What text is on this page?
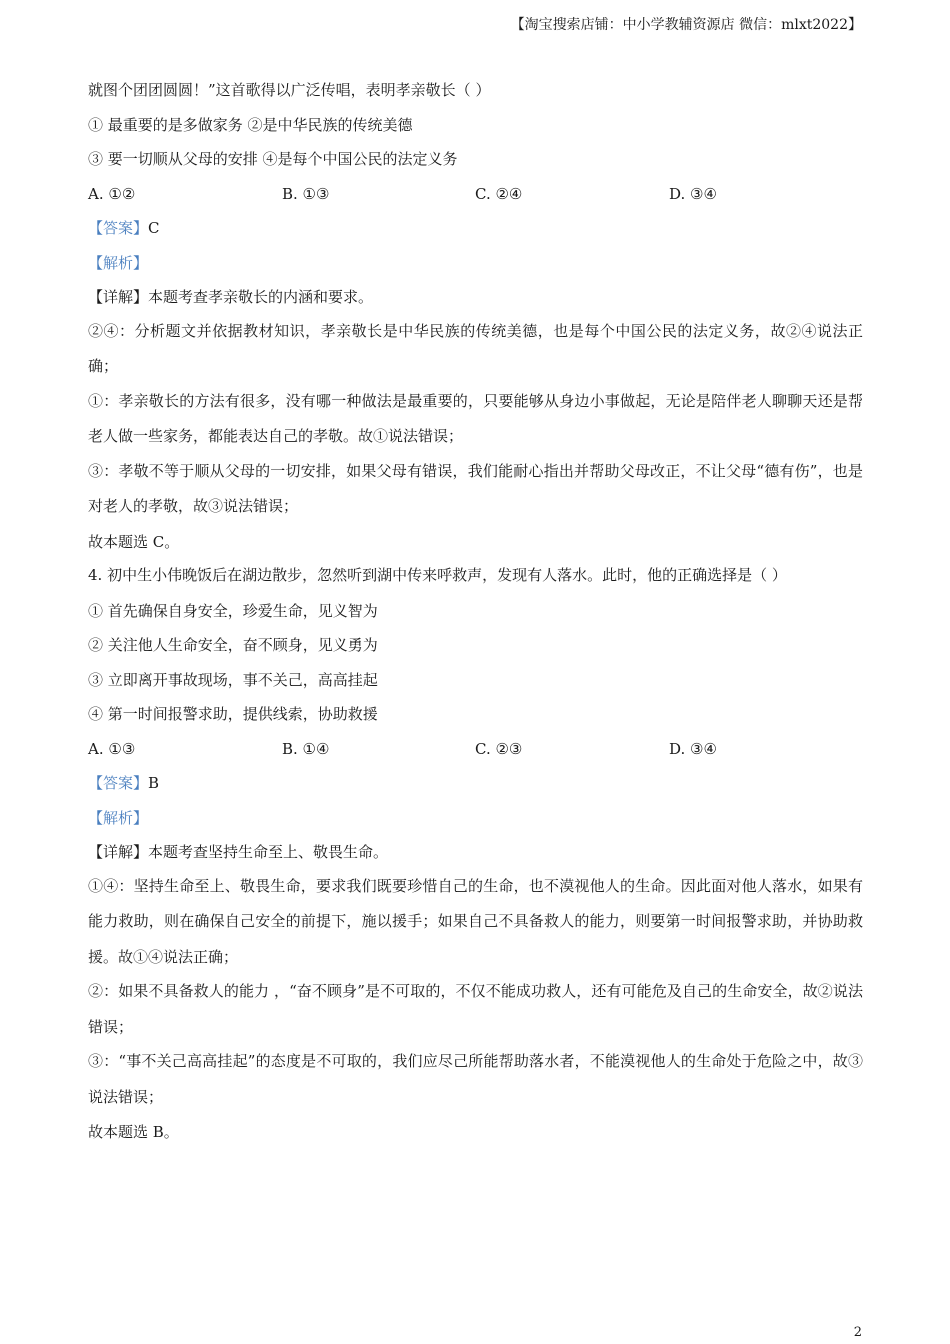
【淘宝搜索店铺：中小学教辅资源店 微信：mlxt2022】

就图个团团圆圆！”这首歌得以广泛传唱，表明孝亲敬长（ ）

① 最重要的是多做家务 ②是中华民族的传统美德

③ 要一切顺从父母的安排 ④是每个中国公民的法定义务

A. ①②	B. ①③	C. ②④	D. ③④

【答案】C

【解析】

【详解】本题考查孝亲敬长的内涵和要求。

②④：分析题文并依据教材知识，孝亲敬长是中华民族的传统美德，也是每个中国公民的法定义务，故②④说法正确；

①：孝亲敬长的方法有很多，没有哪一种做法是最重要的，只要能够从身边小事做起，无论是陪伴老人聊聊天还是帮老人做一些家务，都能表达自己的孝敬。故①说法错误；

③：孝敬不等于顺从父母的一切安排，如果父母有错误，我们能耐心指出并帮助父母改正，不让父母“德有伤”，也是对老人的孝敬，故③说法错误；

故本题选 C。

4. 初中生小伟晚饭后在湖边散步，忽然听到湖中传来呼救声，发现有人落水。此时，他的正确选择是（ ）

① 首先确保自身安全，珍爱生命，见义智为

② 关注他人生命安全，奋不顾身，见义勇为

③ 立即离开事故现场，事不关己，高高挂起

④ 第一时间报警求助，提供线索，协助救援

A. ①③	B. ①④	C. ②③	D. ③④

【答案】B

【解析】

【详解】本题考查坚持生命至上、敬畏生命。

①④：坚持生命至上、敬畏生命，要求我们既要珍惜自己的生命，也不漠视他人的生命。因此面对他人落水，如果有能力救助，则在确保自己安全的前提下，施以援手；如果自己不具备救人的能力，则要第一时间报警求助，并协助救援。故①④说法正确；

②：如果不具备救人的能力 ，“奋不顾身”是不可取的，不仅不能成功救人，还有可能危及自己的生命安全，故②说法错误；

③：“事不关己高高挂起”的态度是不可取的，我们应尽己所能帮助落水者，不能漠视他人的生命处于危险之中，故③说法错误；

故本题选 B。

2
